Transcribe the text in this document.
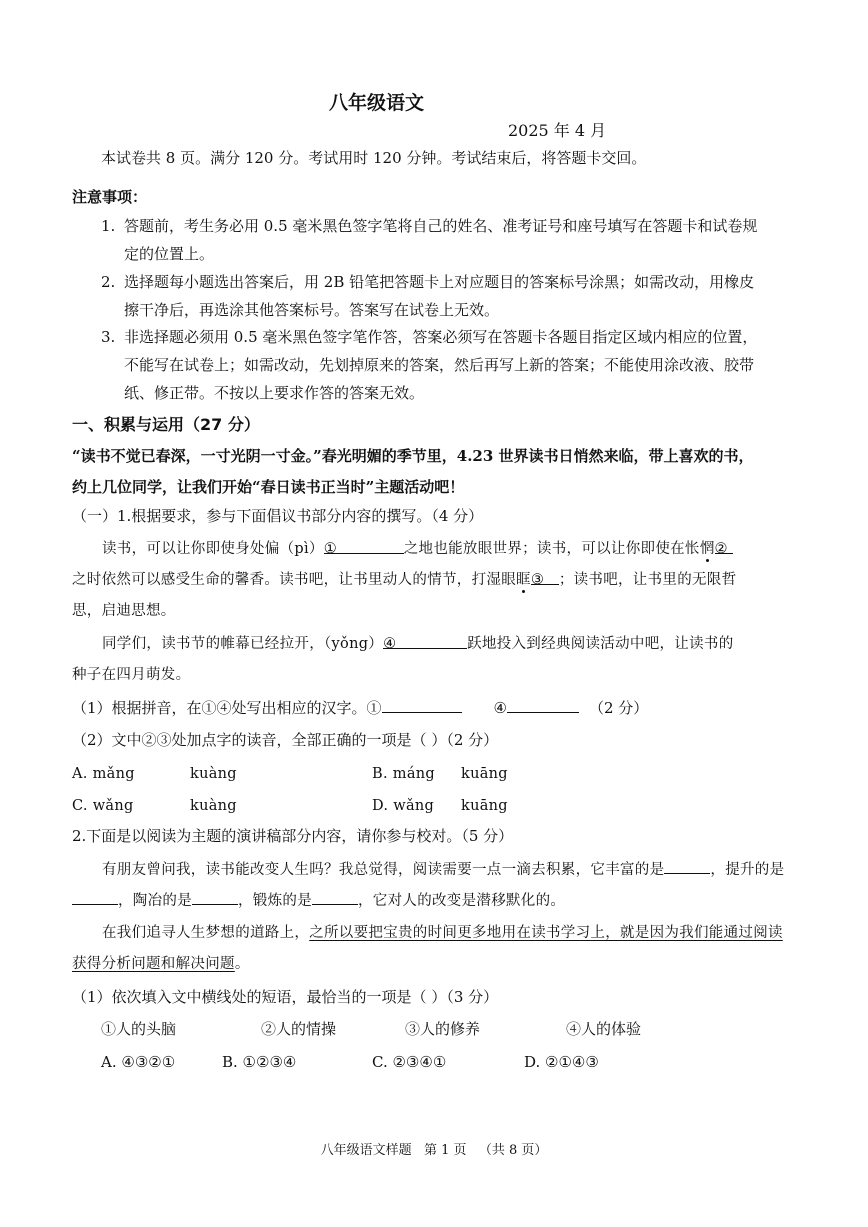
八年级语文
2025 年 4 月
本试卷共 8 页。满分 120 分。考试用时 120 分钟。考试结束后，将答题卡交回。
注意事项：
1. 答题前，考生务必用 0.5 毫米黑色签字笔将自己的姓名、准考证号和座号填写在答题卡和试卷规
定的位置上。
2. 选择题每小题选出答案后，用 2B 铅笔把答题卡上对应题目的答案标号涂黑；如需改动，用橡皮
擦干净后，再选涂其他答案标号。答案写在试卷上无效。
3. 非选择题必须用 0.5 毫米黑色签字笔作答，答案必须写在答题卡各题目指定区域内相应的位置，
不能写在试卷上；如需改动，先划掉原来的答案，然后再写上新的答案；不能使用涂改液、胶带
纸、修正带。不按以上要求作答的答案无效。
一、积累与运用（27 分）
“读书不觉已春深，一寸光阴一寸金。”春光明媚的季节里，4.23 世界读书日悄然来临，带上喜欢的书，
约上几位同学，让我们开始“春日读书正当时”主题活动吧！
（一）1.根据要求，参与下面倡议书部分内容的撰写。（4 分）
读书，可以让你即使身处偏（pì）①	之地也能放眼世界；读书，可以让你即使在怅惘②
之时依然可以感受生命的馨香。读书吧，让书里动人的情节，打湿眼眶③ ；读书吧，让书里的无限哲
思，启迪思想。
同学们，读书节的帷幕已经拉开，（yǒng）④	跃地投入到经典阅读活动中吧，让读书的
种子在四月萌发。
（1）根据拼音，在①④处写出相应的汉字。①	④	（2 分）
（2）文中②③处加点字的读音，全部正确的一项是（ ）（2 分）
A. mǎng	kuàng	B. máng kuāng
C. wǎng	kuàng	D. wǎng kuāng
2.下面是以阅读为主题的演讲稿部分内容，请你参与校对。（5 分）
有朋友曾问我，读书能改变人生吗？我总觉得，阅读需要一点一滴去积累，它丰富的是	，提升的是
，陶冶的是	，锻炼的是	，它对人的改变是潜移默化的。
在我们追寻人生梦想的道路上，之所以要把宝贵的时间更多地用在读书学习上，就是因为我们能通过阅读
获得分析问题和解决问题。
（1）依次填入文中横线处的短语，最恰当的一项是（ ）（3 分）
①人的头脑	②人的情操	③人的修养	④人的体验
A. ④③②①	B. ①②③④	C. ②③④①	D. ②①④③
八年级语文样题   第 1 页   （共 8 页）
